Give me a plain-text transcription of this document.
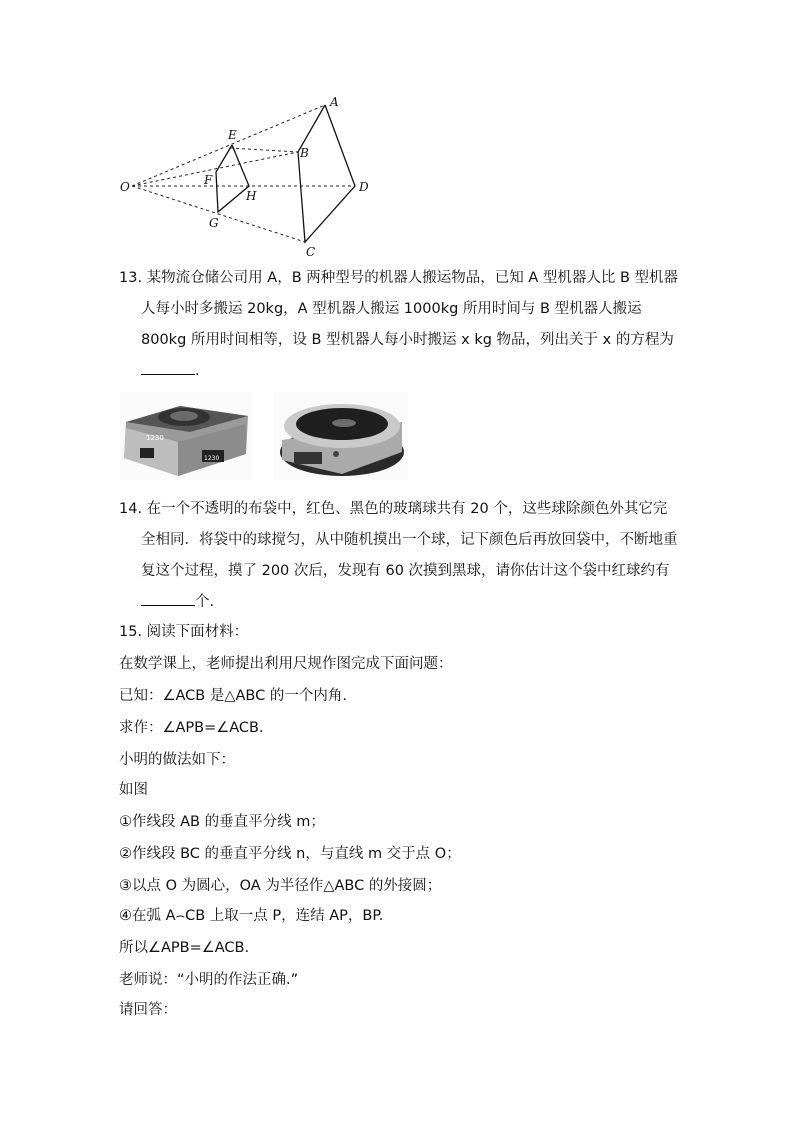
O
A
B
C
D
E
F
G
H
13. 某物流仓储公司用 A，B 两种型号的机器人搬运物品，已知 A 型机器人比 B 型机器人每小时多搬运 20kg，A 型机器人搬运 1000kg 所用时间与 B 型机器人搬运 800kg 所用时间相等，设 B 型机器人每小时搬运 x kg 物品，列出关于 x 的方程为.
1230
1230
14. 在一个不透明的布袋中，红色、黑色的玻璃球共有 20 个，这些球除颜色外其它完全相同．将袋中的球搅匀，从中随机摸出一个球，记下颜色后再放回袋中，不断地重复这个过程，摸了 200 次后，发现有 60 次摸到黑球，请你估计这个袋中红球约有个.
15. 阅读下面材料：
在数学课上，老师提出利用尺规作图完成下面问题：
已知：∠ACB 是△ABC 的一个内角.
求作：∠APB=∠ACB.
小明的做法如下：
如图
①作线段 AB 的垂直平分线 m；
②作线段 BC 的垂直平分线 n，与直线 m 交于点 O；
③以点 O 为圆心，OA 为半径作△ABC 的外接圆；
④在弧 A⌢CB 上取一点 P，连结 AP，BP.
所以∠APB=∠ACB.
老师说：“小明的作法正确.”
请回答：
